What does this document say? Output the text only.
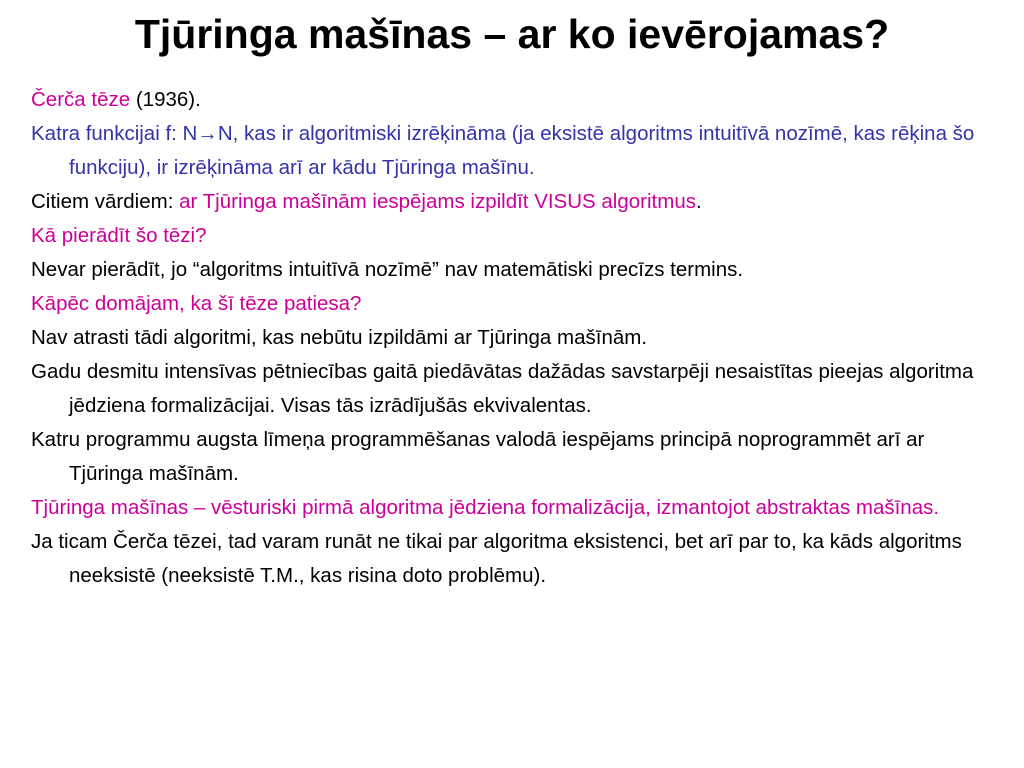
Tjūringa mašīnas – ar ko ievērojamas?

Čerča tēze (1936).

Katra funkcijai f: N→N, kas ir algoritmiski izrēķināma (ja eksistē algoritms intuitīvā nozīmē, kas rēķina šo funkciju), ir izrēķināma arī ar kādu Tjūringa mašīnu.

Citiem vārdiem: ar Tjūringa mašīnām iespējams izpildīt VISUS algoritmus.

Kā pierādīt šo tēzi?

Nevar pierādīt, jo “algoritms intuitīvā nozīmē” nav matemātiski precīzs termins.

Kāpēc domājam, ka šī tēze patiesa?

Nav atrasti tādi algoritmi, kas nebūtu izpildāmi ar Tjūringa mašīnām.

Gadu desmitu intensīvas pētniecības gaitā piedāvātas dažādas savstarpēji nesaistītas pieejas algoritma jēdziena formalizācijai. Visas tās izrādījušās ekvivalentas.

Katru programmu augsta līmeņa programmēšanas valodā iespējams principā noprogrammēt arī ar Tjūringa mašīnām.

Tjūringa mašīnas – vēsturiski pirmā algoritma jēdziena formalizācija, izmantojot abstraktas mašīnas.

Ja ticam Čerča tēzei, tad varam runāt ne tikai par algoritma eksistenci, bet arī par to, ka kāds algoritms neeksistē (neeksistē T.M., kas risina doto problēmu).
